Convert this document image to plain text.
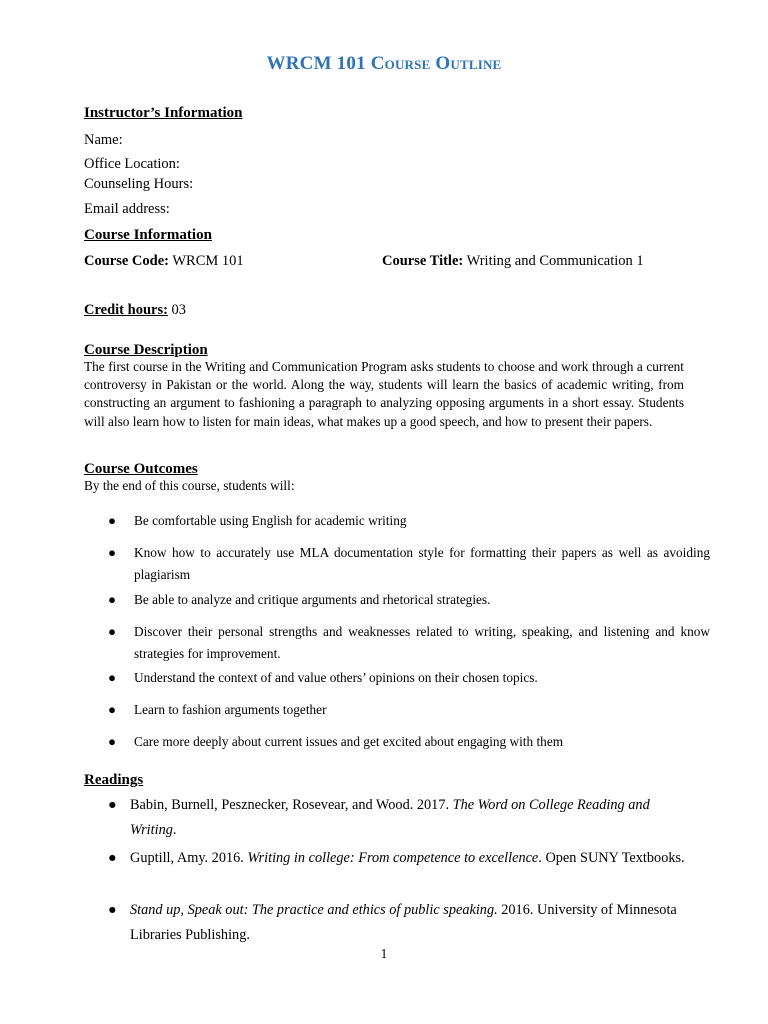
WRCM 101 Course Outline
Instructor’s Information
Name:
Office Location:
Counseling Hours:
Email address:
Course Information
Course Code: WRCM 101	Course Title: Writing and Communication 1
Credit hours: 03
Course Description
The first course in the Writing and Communication Program asks students to choose and work through a current controversy in Pakistan or the world. Along the way, students will learn the basics of academic writing, from constructing an argument to fashioning a paragraph to analyzing opposing arguments in a short essay. Students will also learn how to listen for main ideas, what makes up a good speech, and how to present their papers.
Course Outcomes
By the end of this course, students will:
● Be comfortable using English for academic writing
● Know how to accurately use MLA documentation style for formatting their papers as well as avoiding plagiarism
● Be able to analyze and critique arguments and rhetorical strategies.
● Discover their personal strengths and weaknesses related to writing, speaking, and listening and know strategies for improvement.
● Understand the context of and value others’ opinions on their chosen topics.
● Learn to fashion arguments together
● Care more deeply about current issues and get excited about engaging with them
Readings
● Babin, Burnell, Pesznecker, Rosevear, and Wood. 2017. The Word on College Reading and Writing.
● Guptill, Amy. 2016. Writing in college: From competence to excellence. Open SUNY Textbooks.
● Stand up, Speak out: The practice and ethics of public speaking. 2016. University of Minnesota Libraries Publishing.
1
